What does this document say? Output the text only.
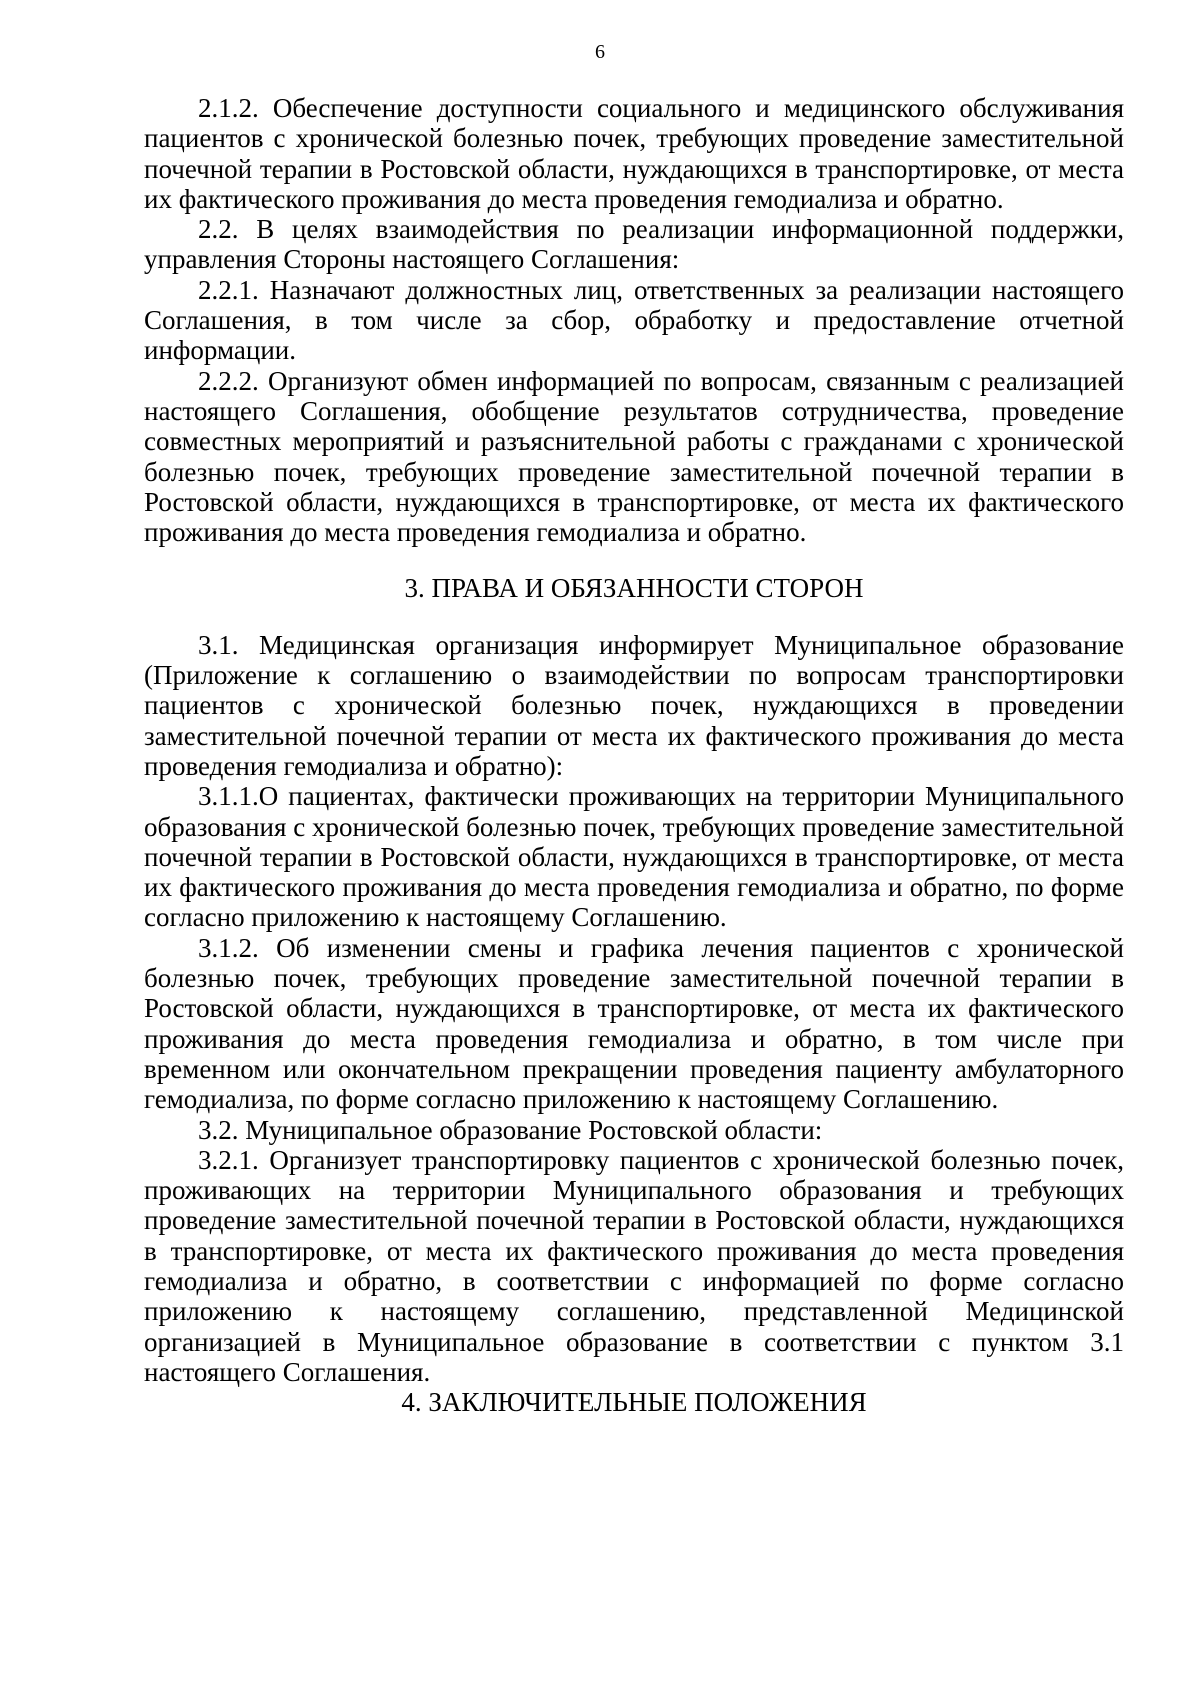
6

2.1.2. Обеспечение доступности социального и медицинского обслуживания пациентов с хронической болезнью почек, требующих проведение заместительной почечной терапии в Ростовской области, нуждающихся в транспортировке, от места их фактического проживания до места проведения гемодиализа и обратно.

2.2. В целях взаимодействия по реализации информационной поддержки, управления Стороны настоящего Соглашения:

2.2.1. Назначают должностных лиц, ответственных за реализации настоящего Соглашения, в том числе за сбор, обработку и предоставление отчетной информации.

2.2.2. Организуют обмен информацией по вопросам, связанным с реализацией настоящего Соглашения, обобщение результатов сотрудничества, проведение совместных мероприятий и разъяснительной работы с гражданами с хронической болезнью почек, требующих проведение заместительной почечной терапии в Ростовской области, нуждающихся в транспортировке, от места их фактического проживания до места проведения гемодиализа и обратно.

3. ПРАВА И ОБЯЗАННОСТИ СТОРОН

3.1. Медицинская организация информирует Муниципальное образование (Приложение к соглашению о взаимодействии по вопросам транспортировки пациентов с хронической болезнью почек, нуждающихся в проведении заместительной почечной терапии от места их фактического проживания до места проведения гемодиализа и обратно):

3.1.1.О пациентах, фактически проживающих на территории Муниципального образования с хронической болезнью почек, требующих проведение заместительной почечной терапии в Ростовской области, нуждающихся в транспортировке, от места их фактического проживания до места проведения гемодиализа и обратно, по форме согласно приложению к настоящему Соглашению.

3.1.2. Об изменении смены и графика лечения пациентов с хронической болезнью почек, требующих проведение заместительной почечной терапии в Ростовской области, нуждающихся в транспортировке, от места их фактического проживания до места проведения гемодиализа и обратно, в том числе при временном или окончательном прекращении проведения пациенту амбулаторного гемодиализа, по форме согласно приложению к настоящему Соглашению.

3.2. Муниципальное образование Ростовской области:

3.2.1. Организует транспортировку пациентов с хронической болезнью почек, проживающих на территории Муниципального образования и требующих проведение заместительной почечной терапии в Ростовской области, нуждающихся в транспортировке, от места их фактического проживания до места проведения гемодиализа и обратно, в соответствии с информацией по форме согласно приложению к настоящему соглашению, представленной Медицинской организацией в Муниципальное образование в соответствии с пунктом 3.1 настоящего Соглашения.

4. ЗАКЛЮЧИТЕЛЬНЫЕ ПОЛОЖЕНИЯ
